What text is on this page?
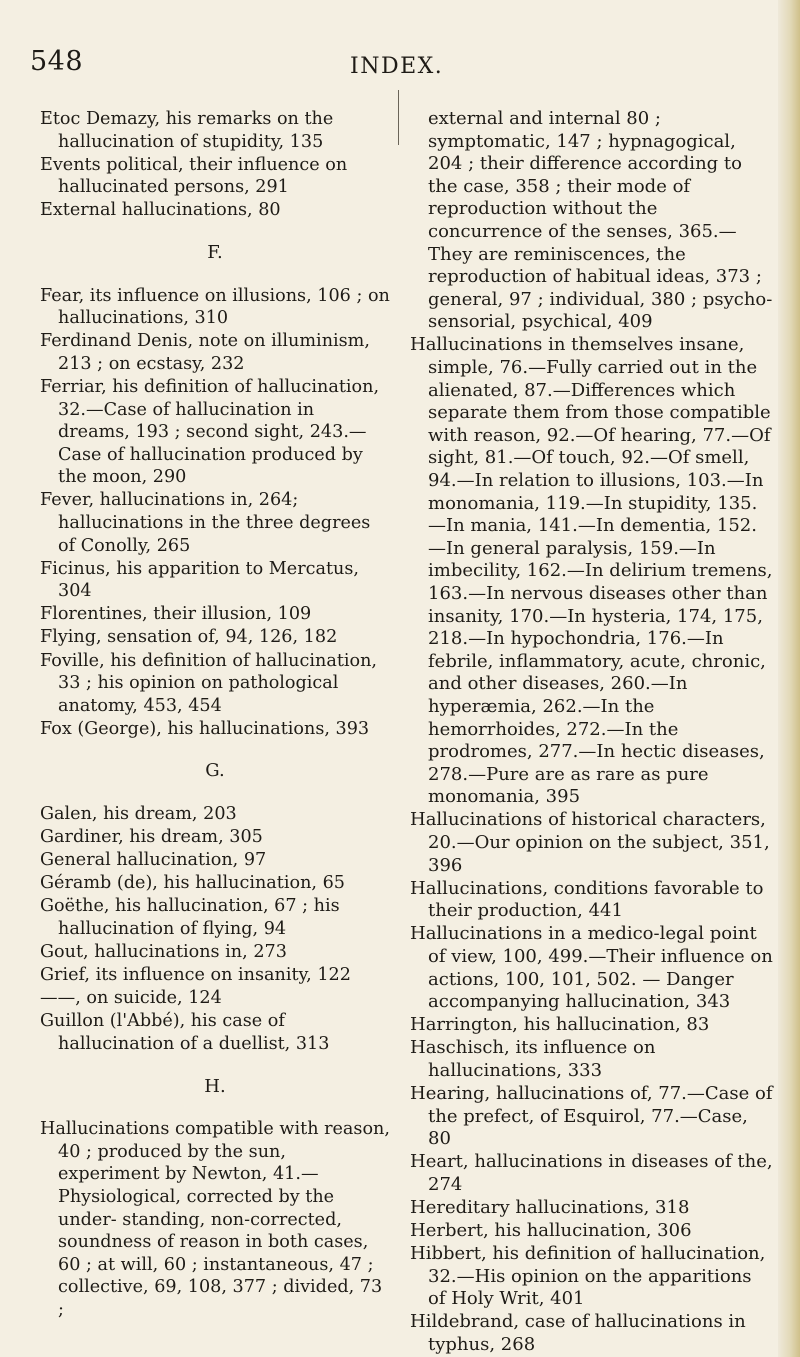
548	INDEX.
Etoc Demazy, his remarks on the hallucination of stupidity, 135
Events political, their influence on hallucinated persons, 291
External hallucinations, 80
F.
Fear, its influence on illusions, 106 ; on hallucinations, 310
Ferdinand Denis, note on illuminism, 213 ; on ecstasy, 232
Ferriar, his definition of hallucination, 32.—Case of hallucination in dreams, 193 ; second sight, 243.—Case of hallucination produced by the moon, 290
Fever, hallucinations in, 264; hallucinations in the three degrees of Conolly, 265
Ficinus, his apparition to Mercatus, 304
Florentines, their illusion, 109
Flying, sensation of, 94, 126, 182
Foville, his definition of hallucination, 33 ; his opinion on pathological anatomy, 453, 454
Fox (George), his hallucinations, 393
G.
Galen, his dream, 203
Gardiner, his dream, 305
General hallucination, 97
Géramb (de), his hallucination, 65
Goëthe, his hallucination, 67 ; his hallucination of flying, 94
Gout, hallucinations in, 273
Grief, its influence on insanity, 122
——, on suicide, 124
Guillon (l'Abbé), his case of hallucination of a duellist, 313
H.
Hallucinations compatible with reason, 40 ; produced by the sun, experiment by Newton, 41.—Physiological, corrected by the under- standing, non-corrected, soundness of reason in both cases, 60 ; at will, 60 ; instantaneous, 47 ; collective, 69, 108, 377 ; divided, 73 ;
external and internal 80 ; symptomatic, 147 ; hypnagogical, 204 ; their difference according to the case, 358 ; their mode of reproduction without the concurrence of the senses, 365.—They are reminiscences, the reproduction of habitual ideas, 373 ; general, 97 ; individual, 380 ; psycho-sensorial, psychical, 409
Hallucinations in themselves insane, simple, 76.—Fully carried out in the alienated, 87.—Differences which separate them from those compatible with reason, 92.—Of hearing, 77.—Of sight, 81.—Of touch, 92.—Of smell, 94.—In relation to illusions, 103.—In monomania, 119.—In stupidity, 135.—In mania, 141.—In dementia, 152.—In general paralysis, 159.—In imbecility, 162.—In delirium tremens, 163.—In nervous diseases other than insanity, 170.—In hysteria, 174, 175, 218.—In hypochondria, 176.—In febrile, inflammatory, acute, chronic, and other diseases, 260.—In hyperæmia, 262.—In the hemorrhoides, 272.—In the prodromes, 277.—In hectic diseases, 278.—Pure are as rare as pure monomania, 395
Hallucinations of historical characters, 20.—Our opinion on the subject, 351, 396
Hallucinations, conditions favorable to their production, 441
Hallucinations in a medico-legal point of view, 100, 499.—Their influence on actions, 100, 101, 502. — Danger accompanying hallucination, 343
Harrington, his hallucination, 83
Haschisch, its influence on hallucinations, 333
Hearing, hallucinations of, 77.—Case of the prefect, of Esquirol, 77.—Case, 80
Heart, hallucinations in diseases of the, 274
Hereditary hallucinations, 318
Herbert, his hallucination, 306
Hibbert, his definition of hallucination, 32.—His opinion on the apparitions of Holy Writ, 401
Hildebrand, case of hallucinations in typhus, 268
